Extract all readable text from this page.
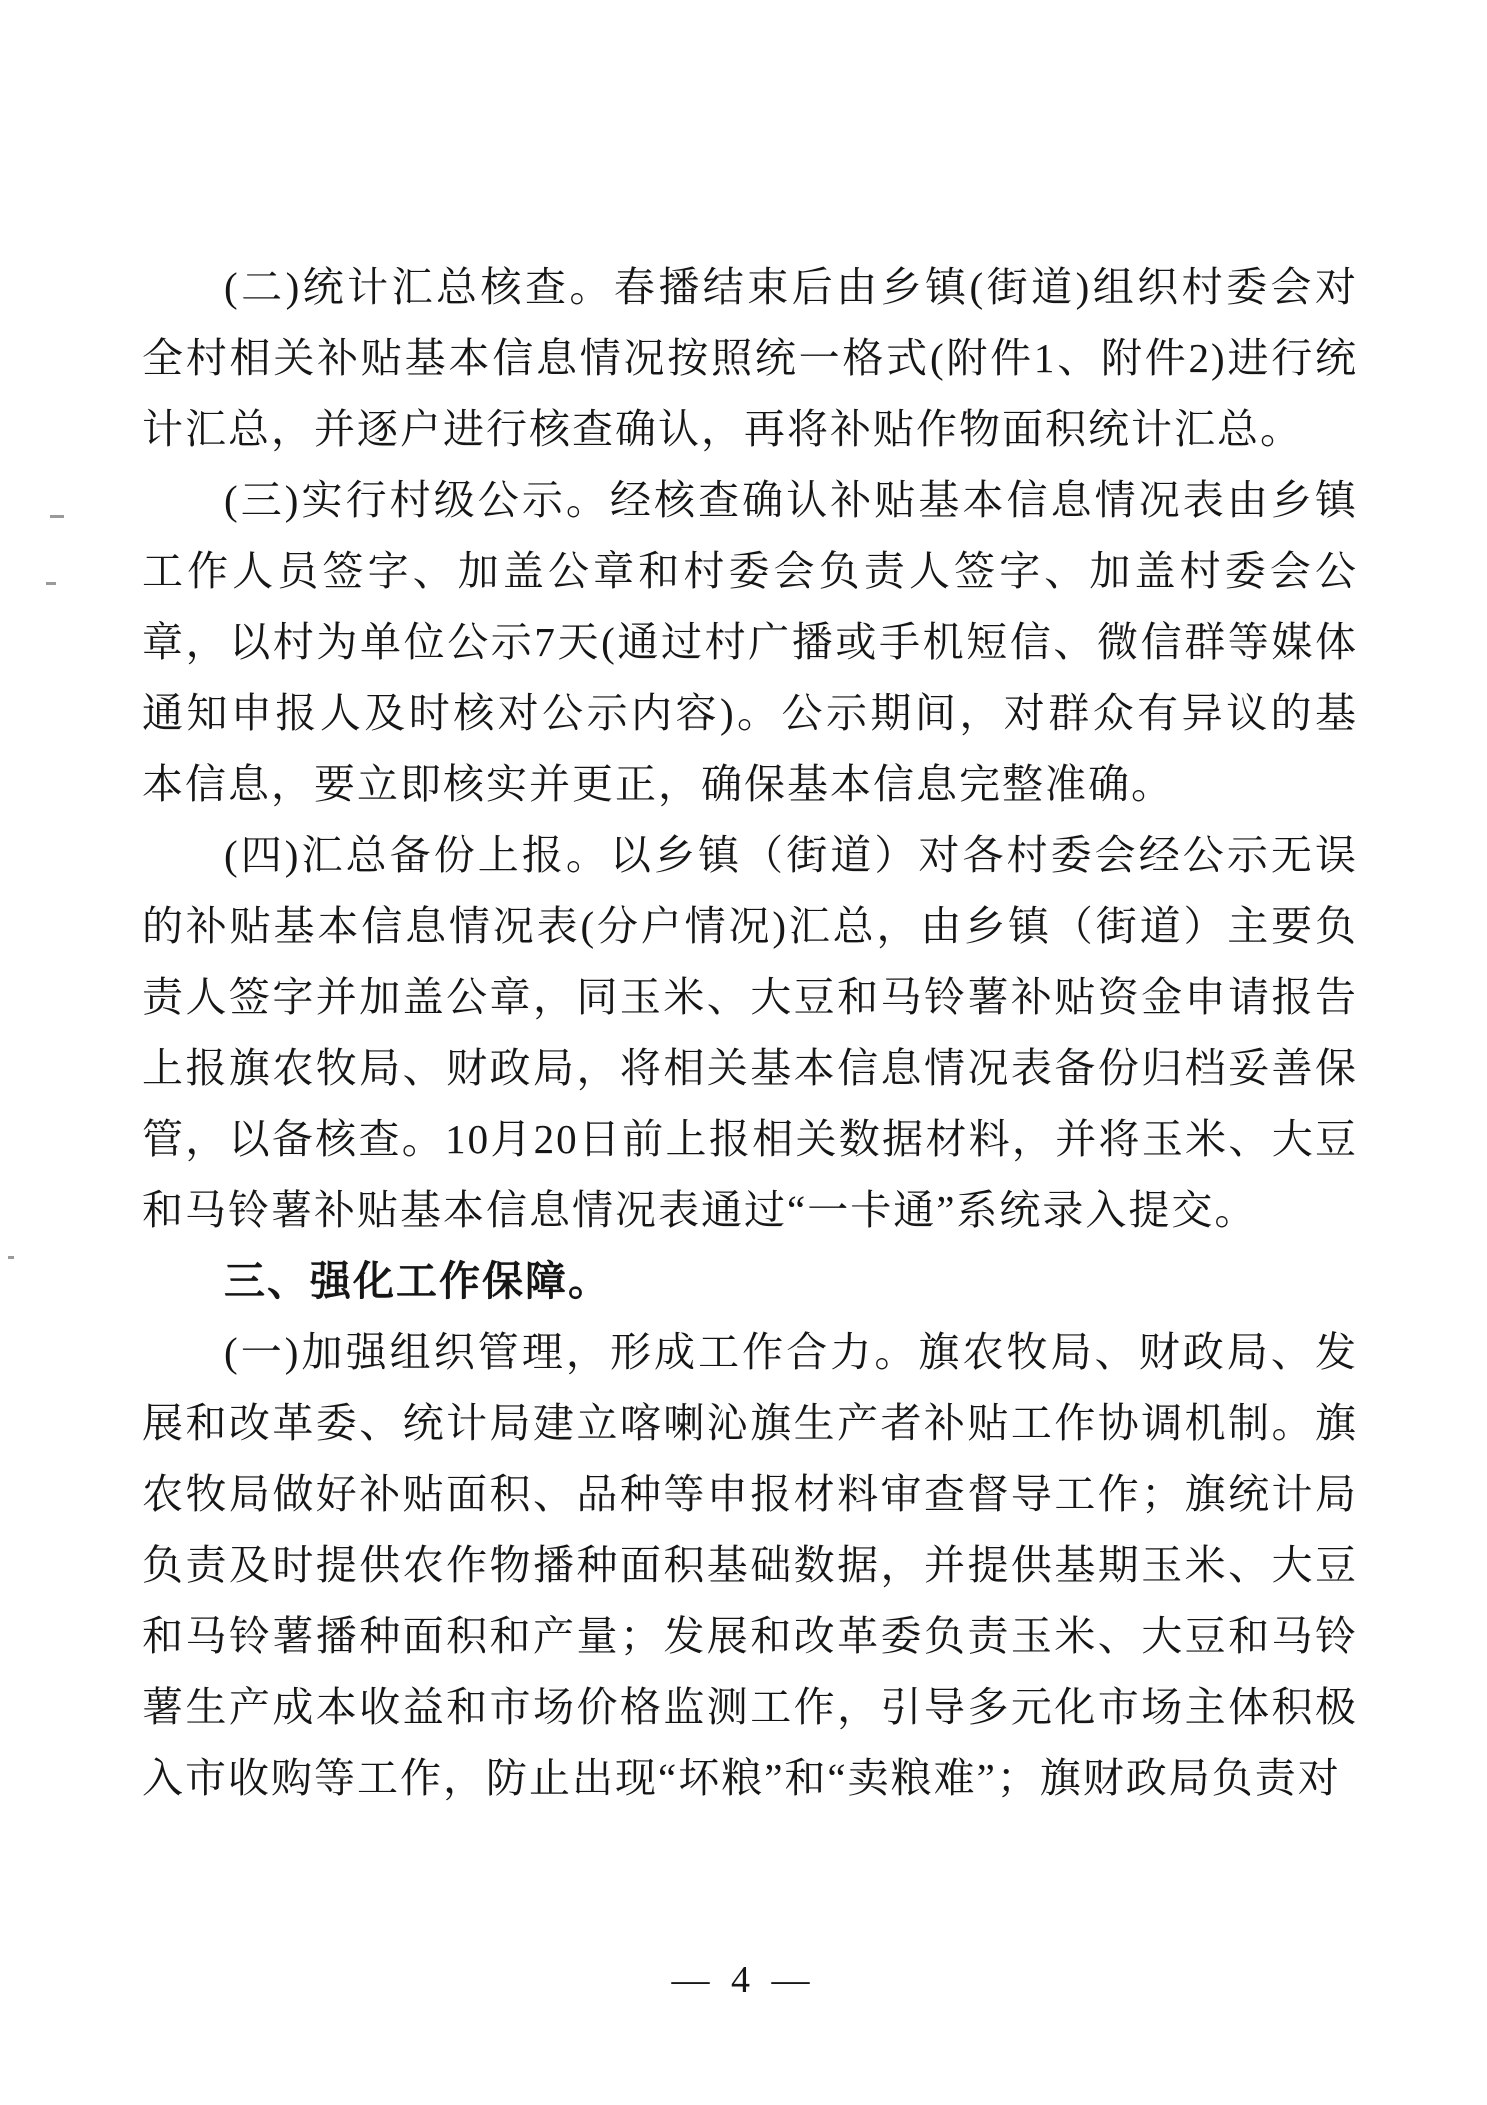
(二)统计汇总核查。春播结束后由乡镇(街道)组织村委会对全村相关补贴基本信息情况按照统一格式(附件1、附件2)进行统计汇总，并逐户进行核查确认，再将补贴作物面积统计汇总。

(三)实行村级公示。经核查确认补贴基本信息情况表由乡镇工作人员签字、加盖公章和村委会负责人签字、加盖村委会公章，以村为单位公示7天(通过村广播或手机短信、微信群等媒体通知申报人及时核对公示内容)。公示期间，对群众有异议的基本信息，要立即核实并更正，确保基本信息完整准确。

(四)汇总备份上报。以乡镇（街道）对各村委会经公示无误的补贴基本信息情况表(分户情况)汇总，由乡镇（街道）主要负责人签字并加盖公章，同玉米、大豆和马铃薯补贴资金申请报告上报旗农牧局、财政局，将相关基本信息情况表备份归档妥善保管，以备核查。10月20日前上报相关数据材料，并将玉米、大豆和马铃薯补贴基本信息情况表通过“一卡通”系统录入提交。

三、强化工作保障。

(一)加强组织管理，形成工作合力。旗农牧局、财政局、发展和改革委、统计局建立喀喇沁旗生产者补贴工作协调机制。旗农牧局做好补贴面积、品种等申报材料审查督导工作；旗统计局负责及时提供农作物播种面积基础数据，并提供基期玉米、大豆和马铃薯播种面积和产量；发展和改革委负责玉米、大豆和马铃薯生产成本收益和市场价格监测工作，引导多元化市场主体积极入市收购等工作，防止出现“坏粮”和“卖粮难”；旗财政局负责对

— 4 —
